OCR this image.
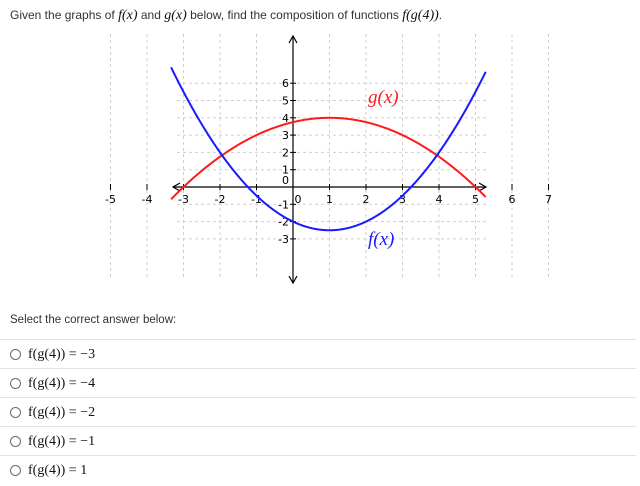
Given the graphs of f(x) and g(x) below, find the composition of functions f(g(4)).
-5 -4 -3 -2 -1	0 1	2	3	4	5	6	7
6
5
4
3
2
1
0
-1
-2
-3
g(x)
f(x)
Select the correct answer below:
f(g(4)) = −3
f(g(4)) = −4
f(g(4)) = −2
f(g(4)) = −1
f(g(4)) = 1
